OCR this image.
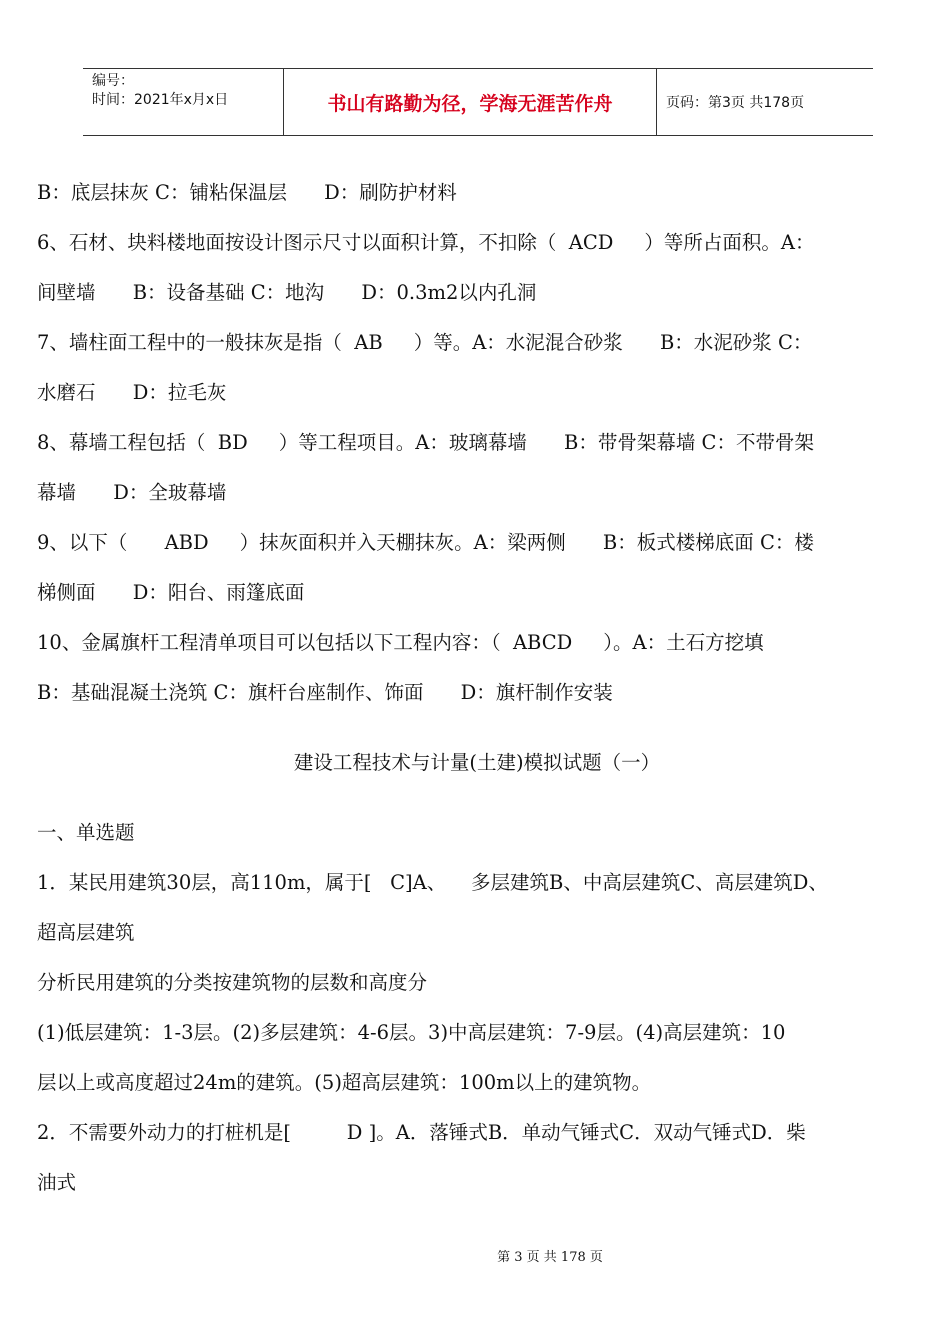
编号：
时间：2021年x月x日	书山有路勤为径，学海无涯苦作舟	页码：第3页 共178页
B：底层抹灰 C：铺粘保温层      D：刷防护材料
6、石材、块料楼地面按设计图示尺寸以面积计算，不扣除（  ACD     ）等所占面积。A：
间壁墙      B：设备基础 C：地沟      D：0.3m2以内孔洞
7、墙柱面工程中的一般抹灰是指（  AB     ）等。A：水泥混合砂浆      B：水泥砂浆 C：
水磨石      D：拉毛灰
8、幕墙工程包括（  BD     ）等工程项目。A：玻璃幕墙      B：带骨架幕墙 C：不带骨架
幕墙      D：全玻幕墙
9、以下（      ABD     ）抹灰面积并入天棚抹灰。A：梁两侧      B：板式楼梯底面 C：楼
梯侧面      D：阳台、雨篷底面
10、金属旗杆工程清单项目可以包括以下工程内容：（  ABCD     ）。A：土石方挖填
B：基础混凝土浇筑 C：旗杆台座制作、饰面      D：旗杆制作安装
建设工程技术与计量(土建)模拟试题（一）
一、单选题
1．某民用建筑30层，高110m，属于[   C]A、    多层建筑B、中高层建筑C、高层建筑D、
超高层建筑
分析民用建筑的分类按建筑物的层数和高度分
(1)低层建筑：1-3层。(2)多层建筑：4-6层。3)中高层建筑：7-9层。(4)高层建筑：10
层以上或高度超过24m的建筑。(5)超高层建筑：100m以上的建筑物。
2．不需要外动力的打桩机是[         D ]。A．落锤式B．单动气锤式C．双动气锤式D．柴
油式
第 3 页 共 178 页
